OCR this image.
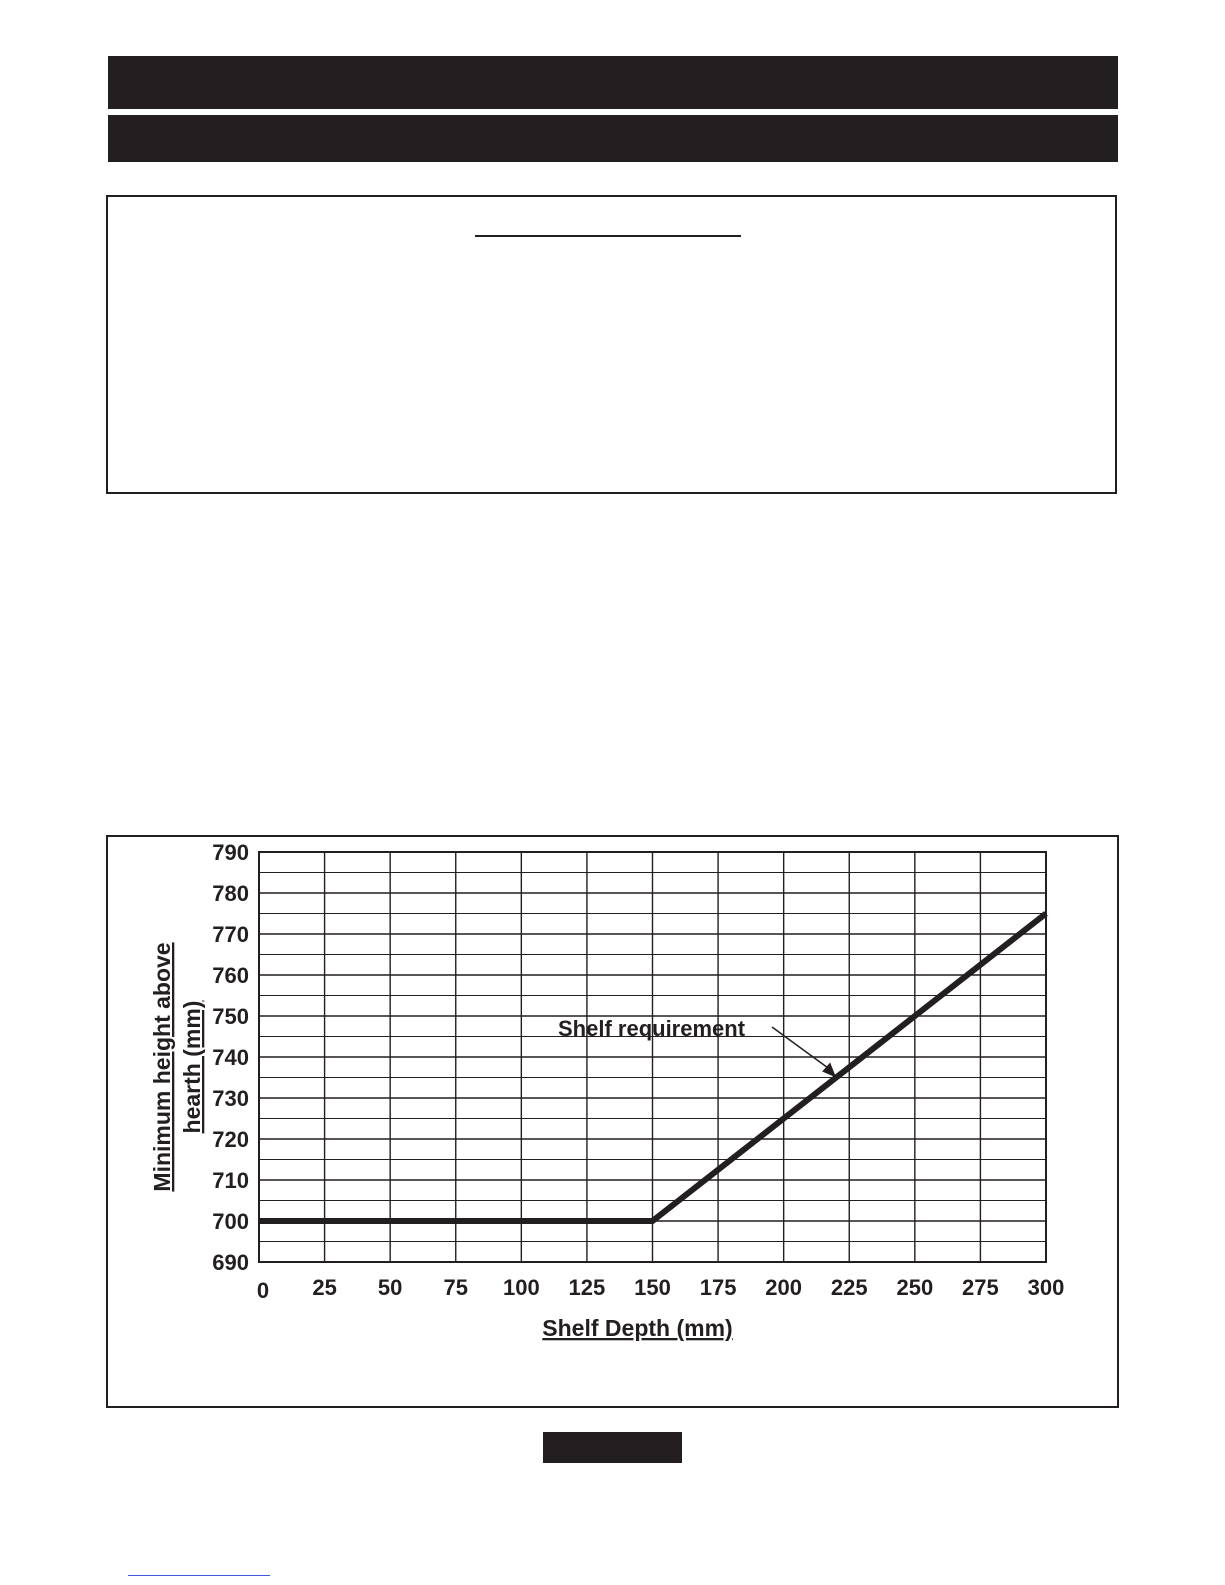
690
700
710
720
730
740
750
760
770
780
790
0 25 50 75 100 125 150 175 200 225 250 275 300
Shelf Depth (mm)
Minimum height above hearth (mm)	Shelf requirement
